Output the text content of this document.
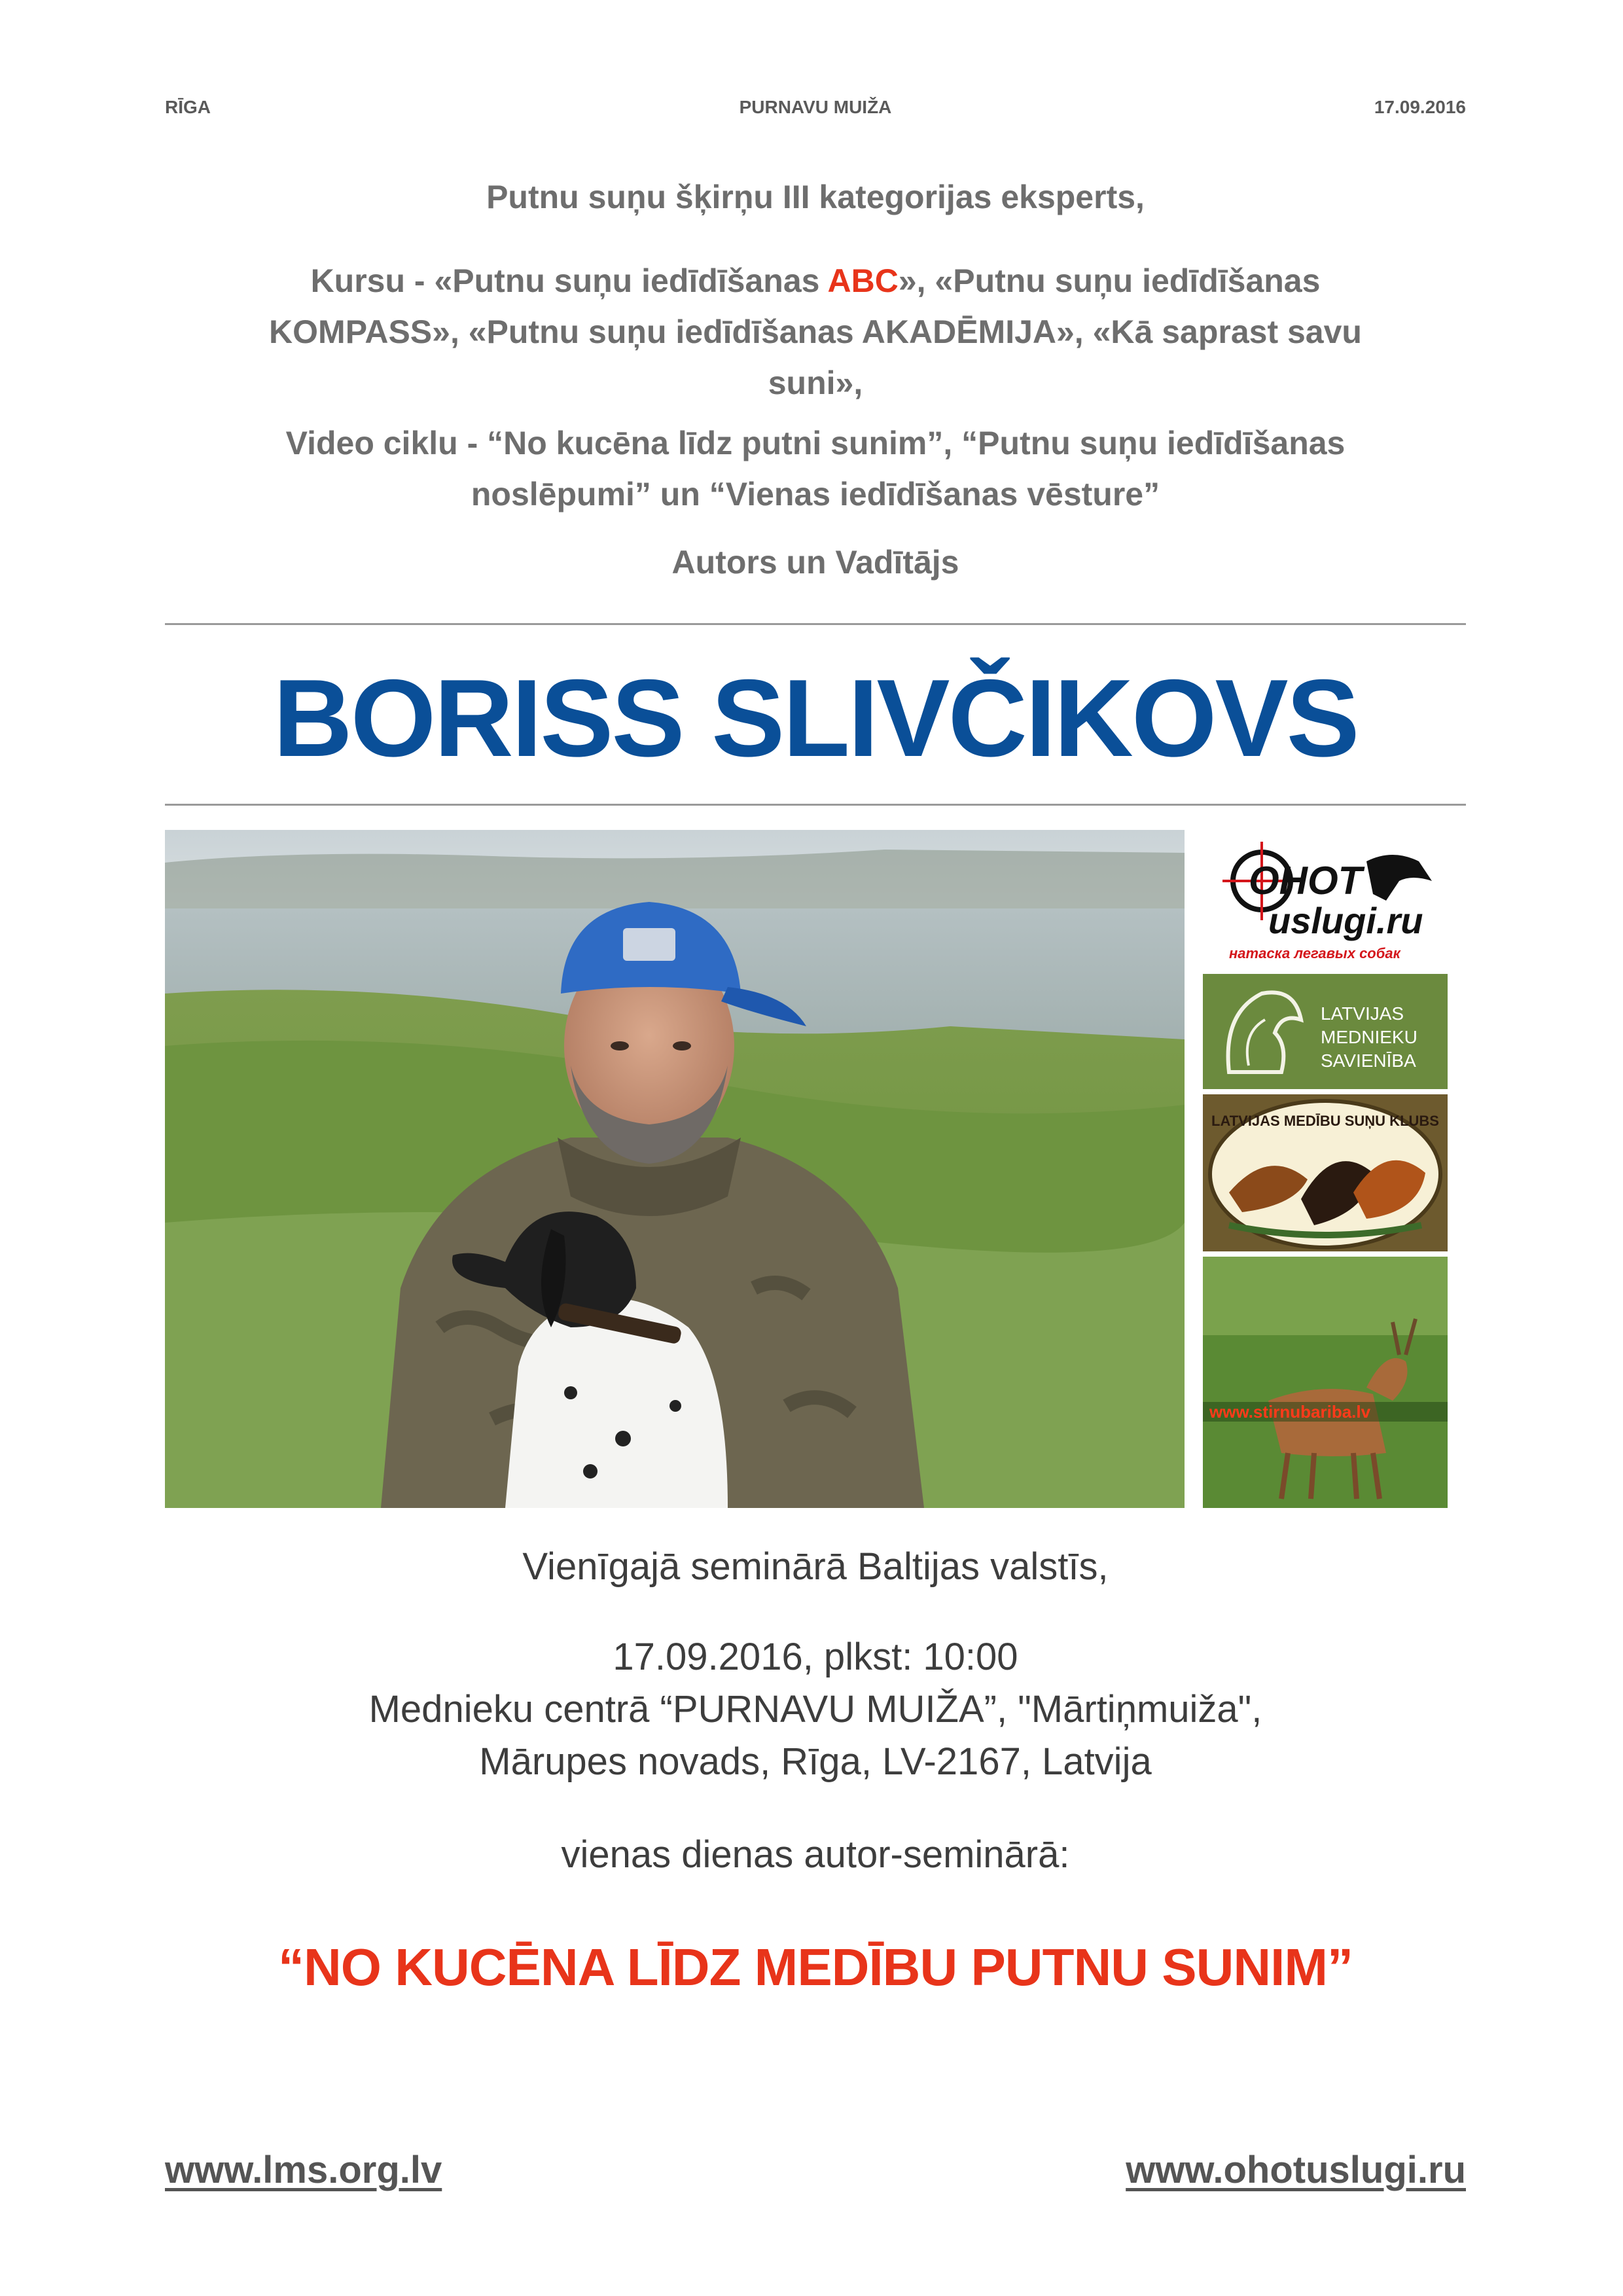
RĪGA	PURNAVU MUIŽA	17.09.2016

Putnu suņu šķirņu III kategorijas eksperts,

Kursu - «Putnu suņu iedīdīšanas ABC», «Putnu suņu iedīdīšanas

KOMPASS», «Putnu suņu iedīdīšanas AKADĒMIJA», «Kā saprast savu

suni»,

Video ciklu - “No kucēna līdz putni sunim”, “Putnu suņu iedīdīšanas

noslēpumi” un “Vienas iedīdīšanas vēsture”

Autors un Vadītājs

BORISS SLIVČIKOVS
OHOT
uslugi.ru
натаска легавых собак
LATVIJAS
MEDNIEKU
SAVIENĪBA
LATVIJAS MEDĪBU SUŅU KLUBS
www.stirnubariba.lv
Vienīgajā seminārā Baltijas valstīs,
17.09.2016, plkst: 10:00
Mednieku centrā “PURNAVU MUIŽA”, "Mārtiņmuiža",
Mārupes novads, Rīga, LV-2167, Latvija
vienas dienas autor-seminārā:
“NO KUCĒNA LĪDZ MEDĪBU PUTNU SUNIM”
www.lms.org.lv	www.ohotuslugi.ru
